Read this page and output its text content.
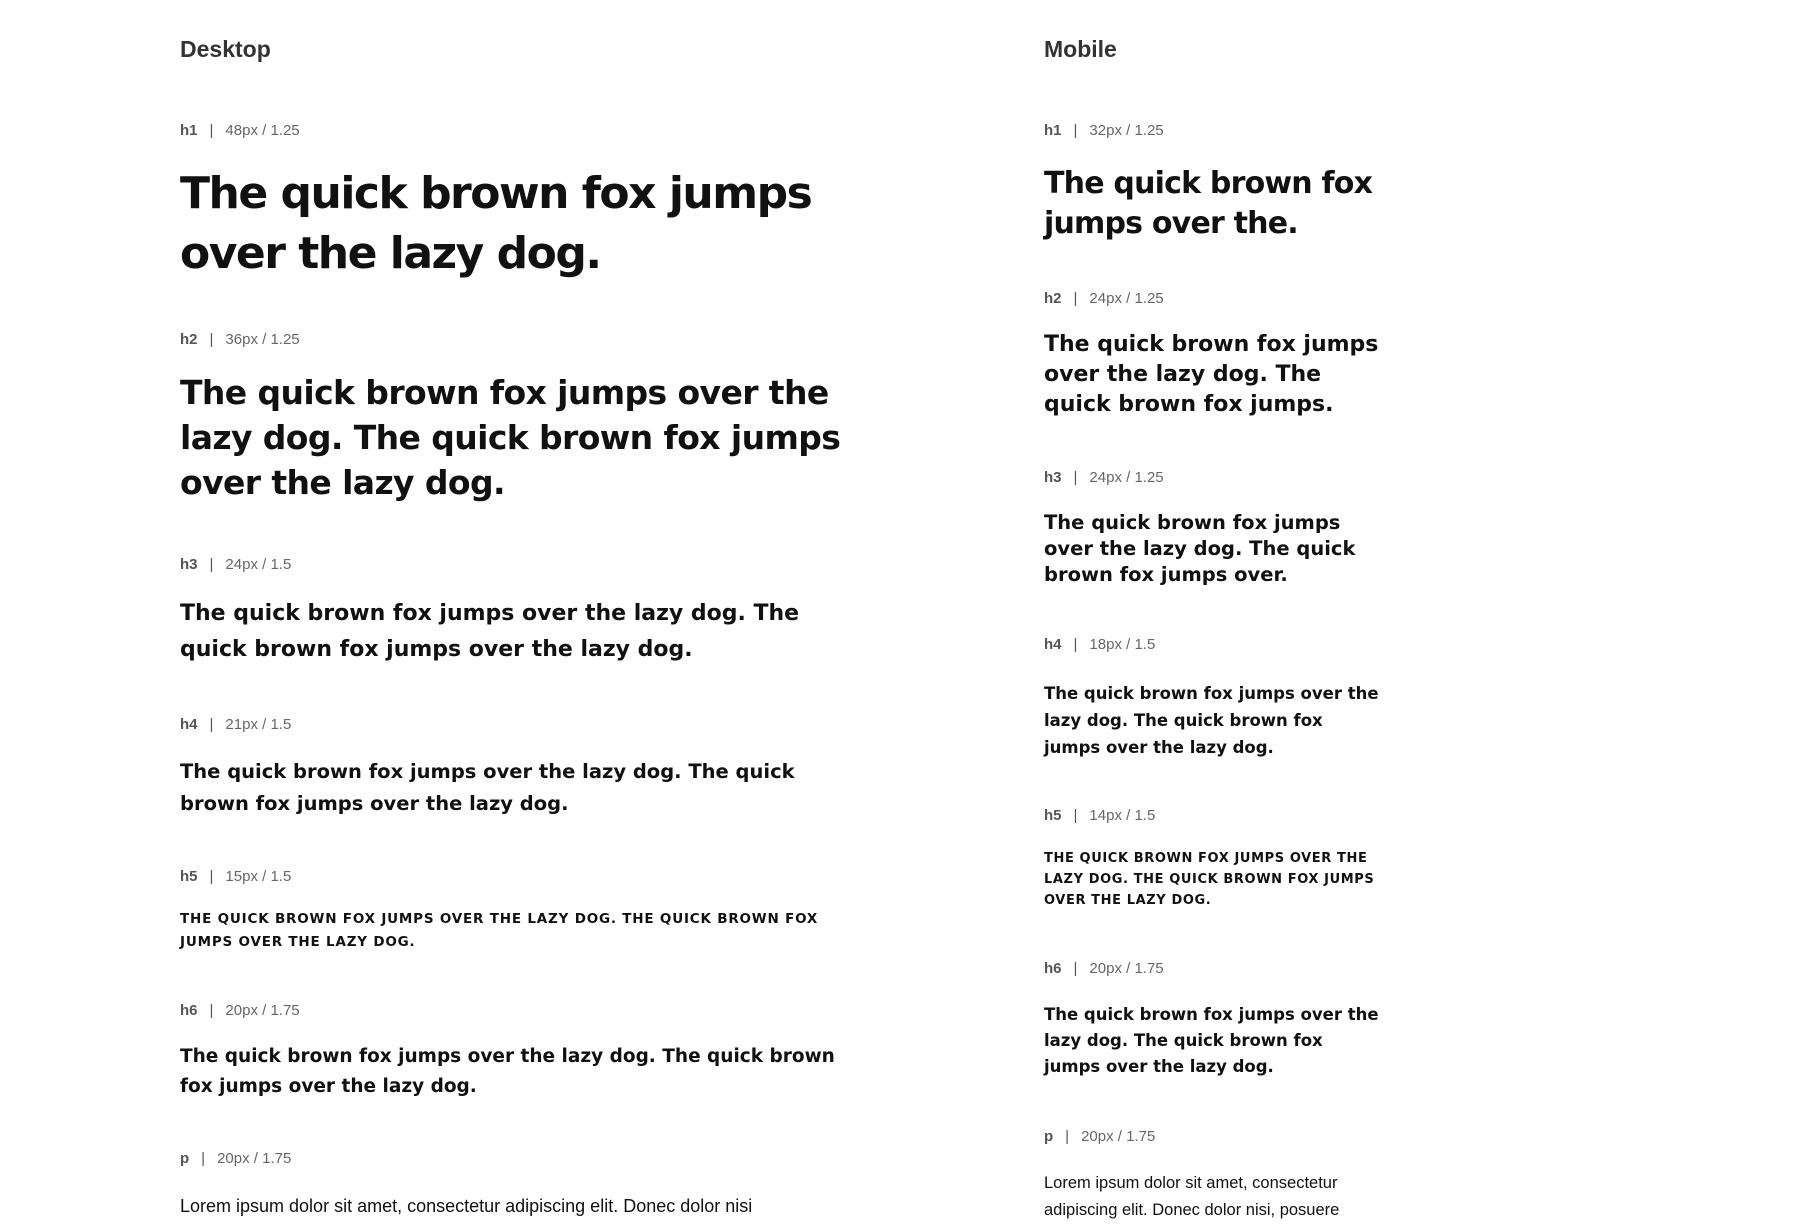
Desktop
h1 | 48px / 1.25

The quick brown fox jumps over the lazy dog.

h2 | 36px / 1.25

The quick brown fox jumps over the lazy dog. The quick brown fox jumps over the lazy dog.

h3 | 24px / 1.5

The quick brown fox jumps over the lazy dog. The quick brown fox jumps over the lazy dog.

h4 | 21px / 1.5

The quick brown fox jumps over the lazy dog. The quick brown fox jumps over the lazy dog.

h5 | 15px / 1.5

THE QUICK BROWN FOX JUMPS OVER THE LAZY DOG. THE QUICK BROWN FOX JUMPS OVER THE LAZY DOG.

h6 | 20px / 1.75

The quick brown fox jumps over the lazy dog. The quick brown fox jumps over the lazy dog.

p | 20px / 1.75

Lorem ipsum dolor sit amet, consectetur adipiscing elit. Donec dolor nisi

Mobile
h1 | 32px / 1.25

The quick brown fox jumps over the.

h2 | 24px / 1.25

The quick brown fox jumps over the lazy dog. The quick brown fox jumps.

h3 | 24px / 1.25

The quick brown fox jumps over the lazy dog. The quick brown fox jumps over.

h4 | 18px / 1.5

The quick brown fox jumps over the lazy dog. The quick brown fox jumps over the lazy dog.

h5 | 14px / 1.5

THE QUICK BROWN FOX JUMPS OVER THE LAZY DOG. THE QUICK BROWN FOX JUMPS OVER THE LAZY DOG.

h6 | 20px / 1.75

The quick brown fox jumps over the lazy dog. The quick brown fox jumps over the lazy dog.

p | 20px / 1.75

Lorem ipsum dolor sit amet, consectetur adipiscing elit. Donec dolor nisi, posuere
